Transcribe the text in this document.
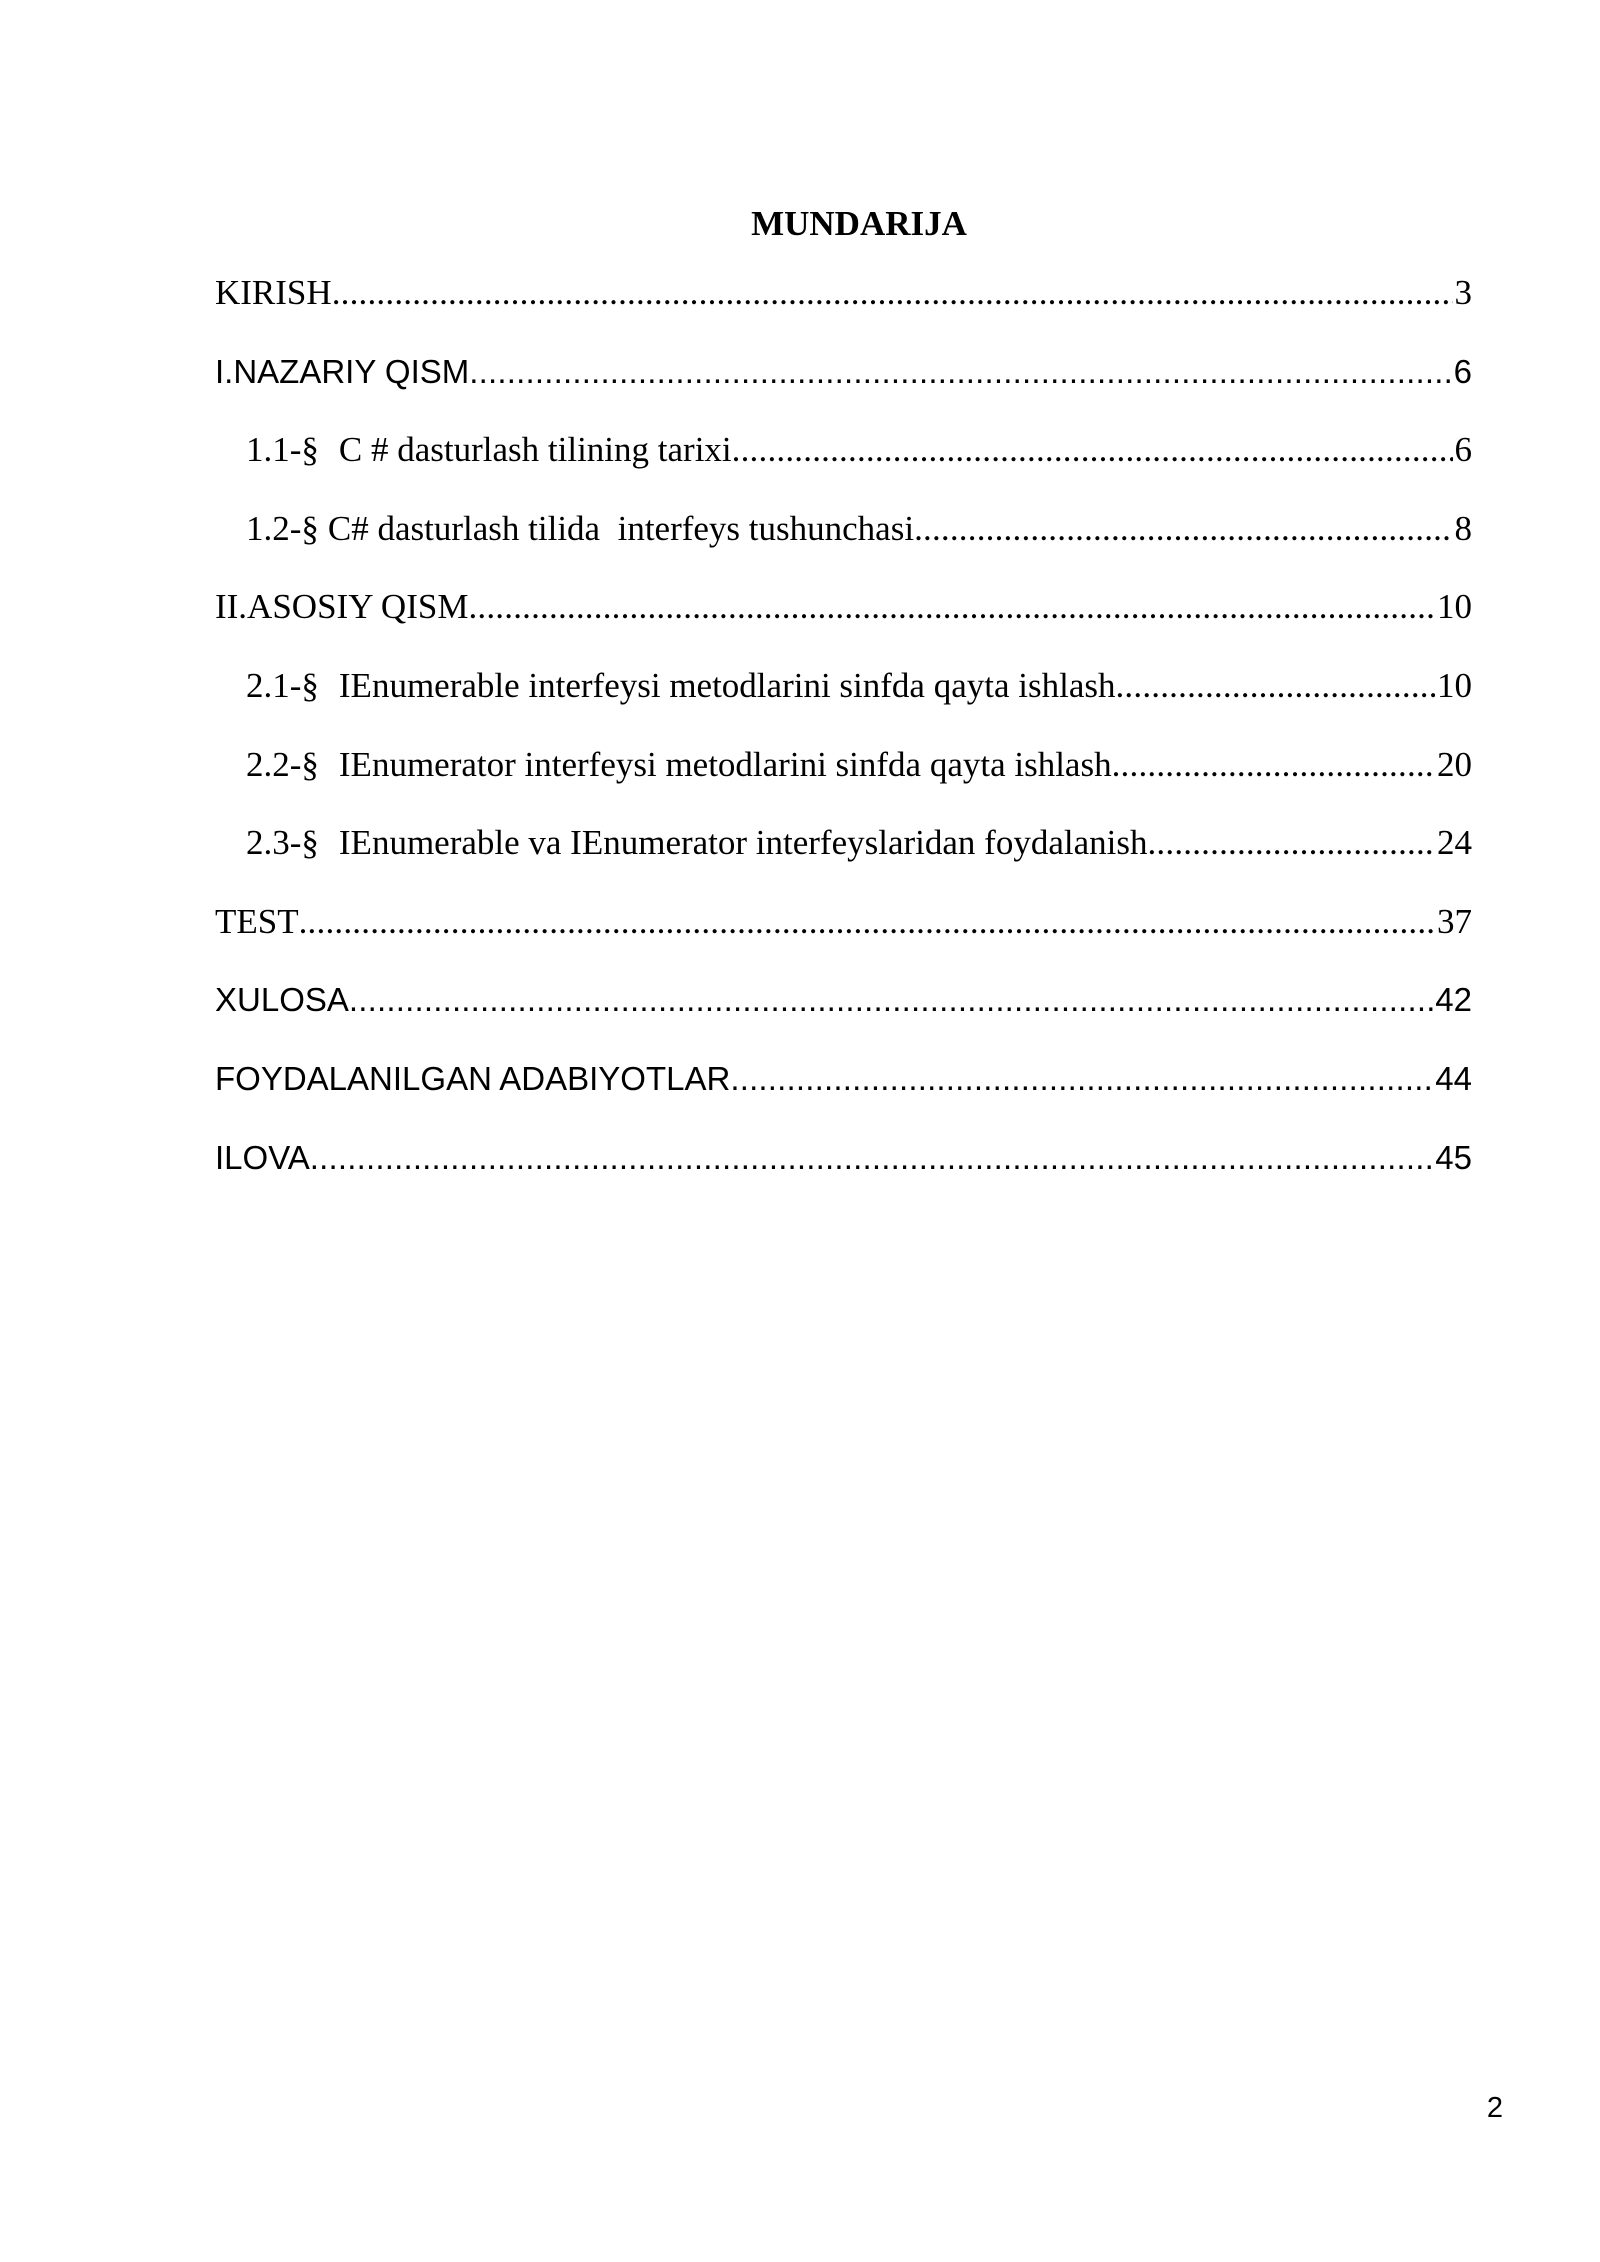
MUNDARIJA
KIRISH .....	3
I.NAZARIY QISM .....	6
1.1-§ C # dasturlash tilining tarixi .....	6
1.2-§ C# dasturlash tilida  interfeys tushunchasi .....	8
II.ASOSIY QISM .....	10
2.1-§ IEnumerable interfeysi metodlarini sinfda qayta ishlash .....	10
2.2-§ IEnumerator interfeysi metodlarini sinfda qayta ishlash .....	20
2.3-§ IEnumerable va IEnumerator interfeyslaridan foydalanish .....	24
TEST .....	37
XULOSA .....	42
FOYDALANILGAN ADABIYOTLAR .....	44
ILOVA .....	45
2
